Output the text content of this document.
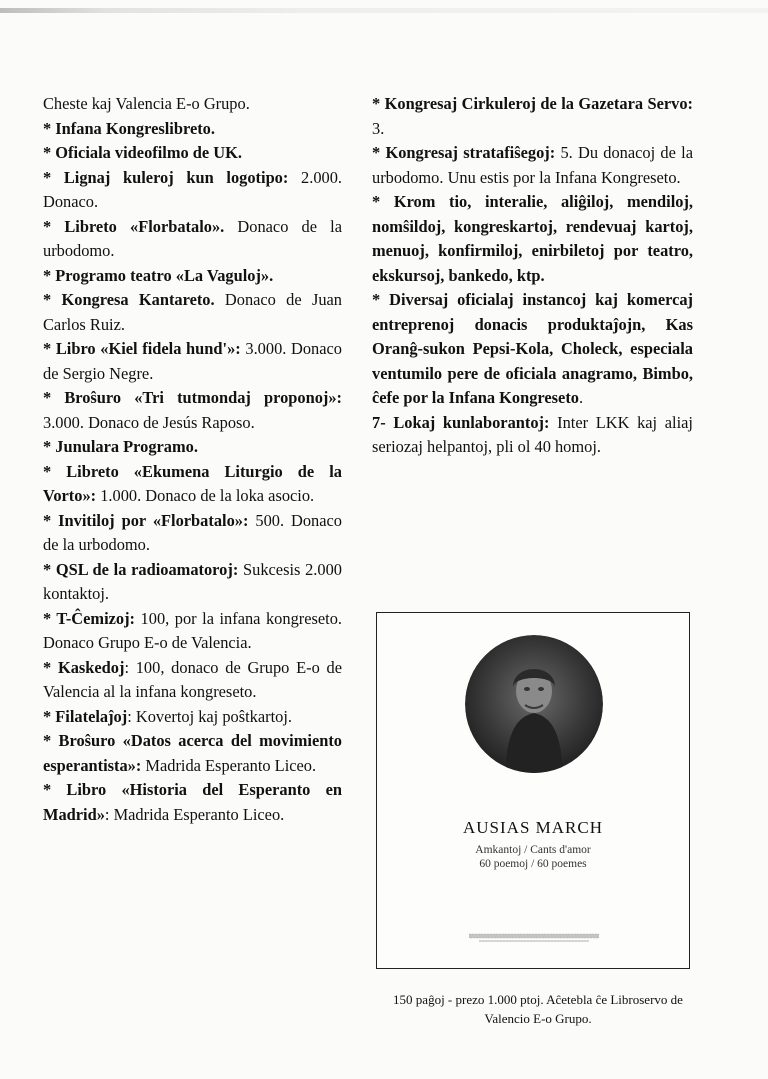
Cheste kaj Valencia E-o Grupo.

* Infana Kongreslibreto.

* Oficiala videofilmo de UK.

* Lignaj kuleroj kun logotipo: 2.000. Donaco.

* Libreto «Florbatalo». Donaco de la urbodomo.

* Programo teatro «La Vaguloj».

* Kongresa Kantareto. Donaco de Juan Carlos Ruiz.

* Libro «Kiel fidela hund'»: 3.000. Donaco de Sergio Negre.

* Broŝuro «Tri tutmondaj proponoj»: 3.000. Donaco de Jesús Raposo.

* Junulara Programo.

* Libreto «Ekumena Liturgio de la Vorto»: 1.000. Donaco de la loka asocio.

* Invitiloj por «Florbatalo»: 500. Donaco de la urbodomo.

* QSL de la radioamatoroj: Sukcesis 2.000 kontaktoj.

* T-Ĉemizoj: 100, por la infana kongreseto. Donaco Grupo E-o de Valencia.

* Kaskedoj: 100, donaco de Grupo E-o de Valencia al la infana kongreseto.

* Filatelaĵoj: Kovertoj kaj poŝtkartoj.

* Broŝuro «Datos acerca del movimiento esperantista»: Madrida Esperanto Liceo.

* Libro «Historia del Esperanto en Madrid»: Madrida Esperanto Liceo.

* Kongresaj Cirkuleroj de la Gazetara Servo: 3.

* Kongresaj stratafiŝegoj: 5. Du donacoj de la urbodomo. Unu estis por la Infana Kongreseto.

* Krom tio, interalie, aliĝiloj, mendiloj, nomŝildoj, kongreskartoj, rendevuaj kartoj, menuoj, konfirmiloj, enirbiletoj por teatro, ekskursoj, bankedo, ktp.

* Diversaj oficialaj instancoj kaj komercaj entreprenoj donacis produktaĵojn, Kas Oranĝ-sukon Pepsi-Kola, Choleck, especiala ventumilo pere de oficiala anagramo, Bimbo, ĉefe por la Infana Kongreseto.

7- Lokaj kunlaborantoj: Inter LKK kaj aliaj seriozaj helpantoj, pli ol 40 homoj.

AUSIAS MARCH
Amkantoj / Cants d'amor
60 poemoj / 60 poemes
150 paĝoj - prezo 1.000 ptoj. Aĉetebla ĉe Libroservo de Valencio E-o Grupo.
